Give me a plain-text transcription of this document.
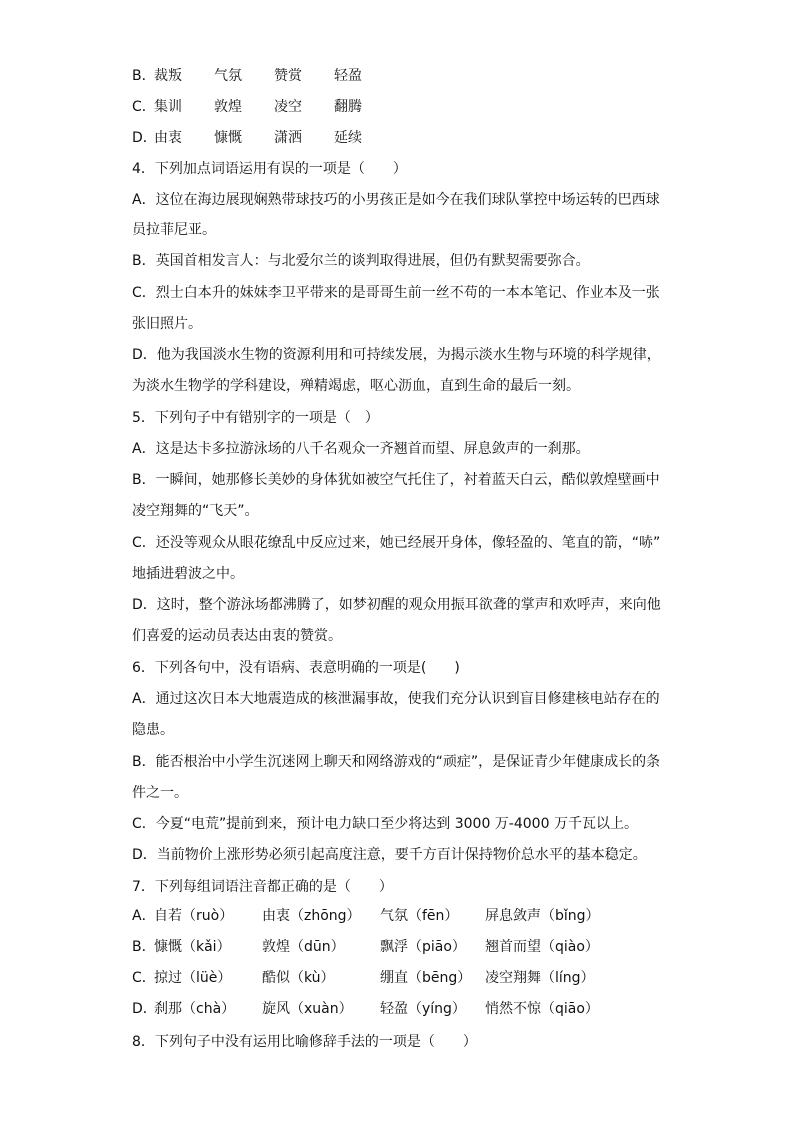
B．
裁叛	气氛	赞赏	轻盈
C．
集训	敦煌	凌空	翻腾
D．
由衷	慷慨	潇洒	延续
4．下列加点词语运用有误的一项是（　　）
A．这位在海边展现娴熟带球技巧的小男孩正是如今在我们球队掌控中场运转的巴西球
员拉菲尼亚。
B．英国首相发言人：与北爱尔兰的谈判取得进展，但仍有默契需要弥合。
C．烈士白本升的妹妹李卫平带来的是哥哥生前一丝不苟的一本本笔记、作业本及一张
张旧照片。
D．他为我国淡水生物的资源利用和可持续发展，为揭示淡水生物与环境的科学规律，
为淡水生物学的学科建设，殚精竭虑，呕心沥血，直到生命的最后一刻。
5．下列句子中有错别字的一项是（　）
A．这是达卡多拉游泳场的八千名观众一齐翘首而望、屏息敛声的一刹那。
B．一瞬间，她那修长美妙的身体犹如被空气托住了，衬着蓝天白云，酷似敦煌壁画中
凌空翔舞的“飞天”。
C．还没等观众从眼花缭乱中反应过来，她已经展开身体，像轻盈的、笔直的箭，“哧”
地插进碧波之中。
D．这时，整个游泳场都沸腾了，如梦初醒的观众用振耳欲聋的掌声和欢呼声，来向他
们喜爱的运动员表达由衷的赞赏。
6．下列各句中，没有语病、表意明确的一项是(　　)
A．通过这次日本大地震造成的核泄漏事故，使我们充分认识到盲目修建核电站存在的
隐患。
B．能否根治中小学生沉迷网上聊天和网络游戏的“顽症”，是保证青少年健康成长的条
件之一。
C．今夏“电荒”提前到来，预计电力缺口至少将达到 3000 万-4000 万千瓦以上。
D．当前物价上涨形势必须引起高度注意，要千方百计保持物价总水平的基本稳定。
7．下列每组词语注音都正确的是（　　）
A．
自若（ruò）	由衷（zhōng）	气氛（fēn）	屏息敛声（bǐng）
B．
慷慨（kǎi）	敦煌（dūn）	飘浮（piāo）	翘首而望（qiào）
C．
掠过（lüè）	酷似（kù）	绷直（bēng） 凌空翔舞（líng）
D．
刹那（chà）	旋风（xuàn）	轻盈（yíng）	悄然不惊（qiāo）
8．下列句子中没有运用比喻修辞手法的一项是（　　）
